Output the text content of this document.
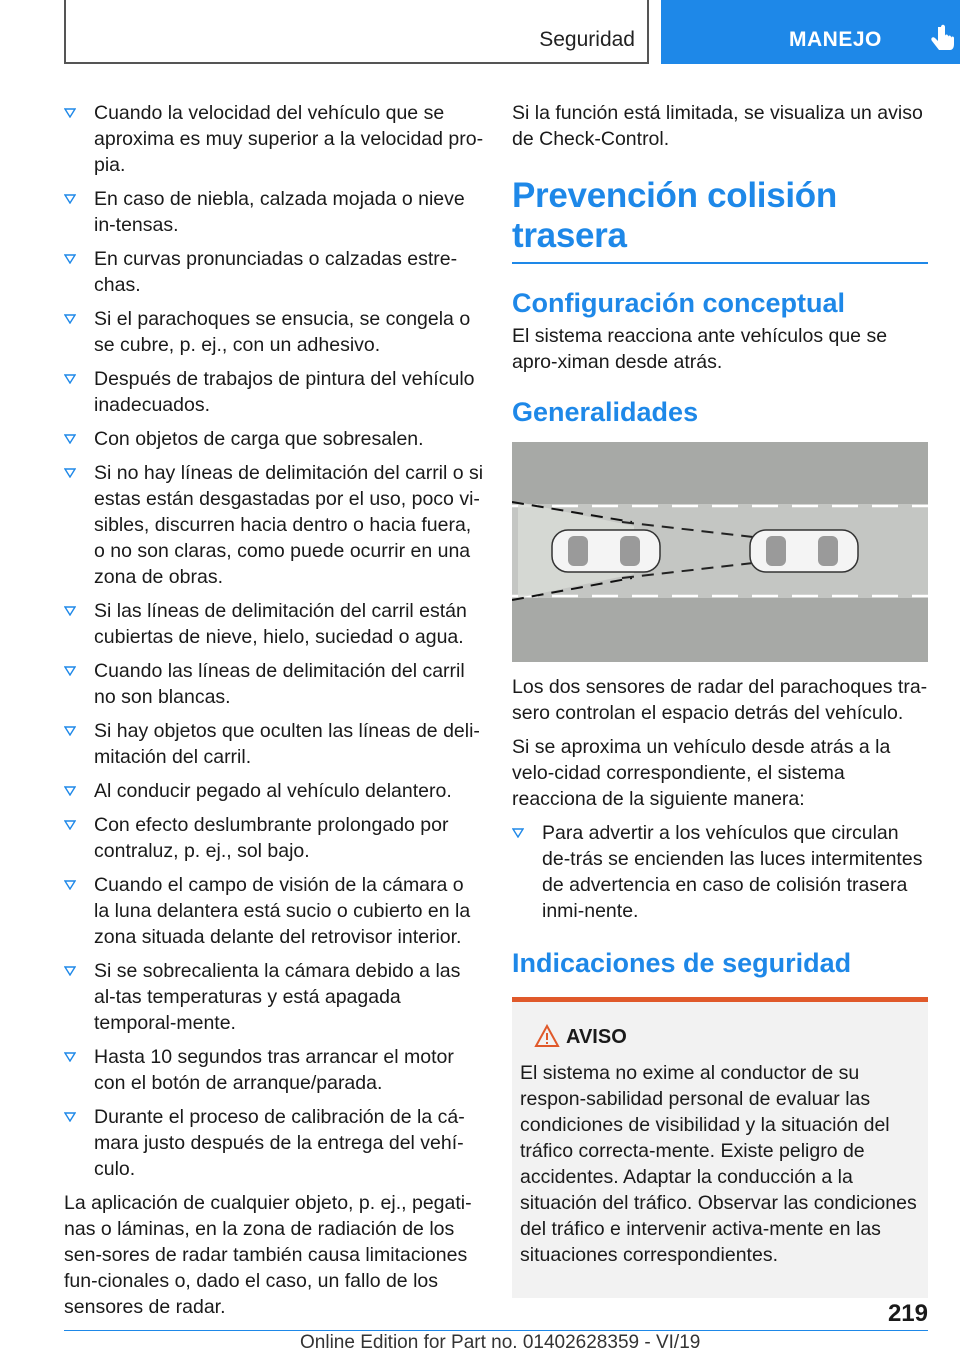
Seguridad	MANEJO
Cuando la velocidad del vehículo que se aproxima es muy superior a la velocidad pro‐pia.
En caso de niebla, calzada mojada o nieve in‐tensas.
En curvas pronunciadas o calzadas estre‐chas.
Si el parachoques se ensucia, se congela o se cubre, p. ej., con un adhesivo.
Después de trabajos de pintura del vehículo inadecuados.
Con objetos de carga que sobresalen.
Si no hay líneas de delimitación del carril o si estas están desgastadas por el uso, poco vi‐sibles, discurren hacia dentro o hacia fuera, o no son claras, como puede ocurrir en una zona de obras.
Si las líneas de delimitación del carril están cubiertas de nieve, hielo, suciedad o agua.
Cuando las líneas de delimitación del carril no son blancas.
Si hay objetos que oculten las líneas de deli‐mitación del carril.
Al conducir pegado al vehículo delantero.
Con efecto deslumbrante prolongado por contraluz, p. ej., sol bajo.
Cuando el campo de visión de la cámara o la luna delantera está sucio o cubierto en la zona situada delante del retrovisor interior.
Si se sobrecalienta la cámara debido a las al‐tas temperaturas y está apagada temporal‐mente.
Hasta 10 segundos tras arrancar el motor con el botón de arranque/parada.
Durante el proceso de calibración de la cá‐mara justo después de la entrega del vehí‐culo.

La aplicación de cualquier objeto, p. ej., pegati‐nas o láminas, en la zona de radiación de los sen‐sores de radar también causa limitaciones fun‐cionales o, dado el caso, un fallo de los sensores de radar.

Si la función está limitada, se visualiza un aviso de Check-Control.

Prevención colisión trasera
Configuración conceptual

El sistema reacciona ante vehículos que se apro‐ximan desde atrás.

Generalidades

Los dos sensores de radar del parachoques tra‐sero controlan el espacio detrás del vehículo.

Si se aproxima un vehículo desde atrás a la velo‐cidad correspondiente, el sistema reacciona de la siguiente manera:

Para advertir a los vehículos que circulan de‐trás se encienden las luces intermitentes de advertencia en caso de colisión trasera inmi‐nente.
Indicaciones de seguridad
AVISO

El sistema no exime al conductor de su respon‐sabilidad personal de evaluar las condiciones de visibilidad y la situación del tráfico correcta‐mente. Existe peligro de accidentes. Adaptar la conducción a la situación del tráfico. Observar las condiciones del tráfico e intervenir activa‐mente en las situaciones correspondientes.

219
Online Edition for Part no. 01402628359 - VI/19
